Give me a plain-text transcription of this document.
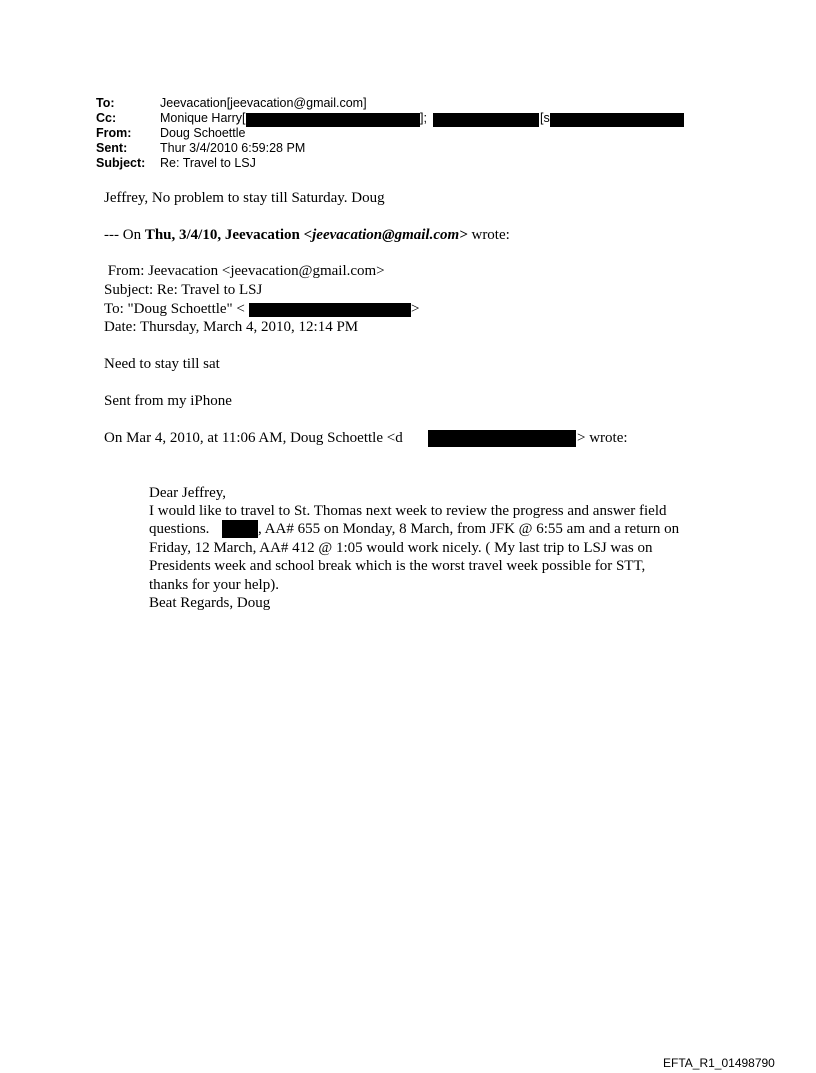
To:	Jeevacation[jeevacation@gmail.com]
Cc:	Monique Harry[	];	[s
From: Doug Schoettle
Sent:	Thur 3/4/2010 6:59:28 PM
Subject: Re: Travel to LSJ
Jeffrey, No problem to stay till Saturday. Doug
--- On Thu, 3/4/10, Jeevacation <jeevacation@gmail.com> wrote:
From: Jeevacation <jeevacation@gmail.com>
Subject: Re: Travel to LSJ
To: "Doug Schoettle" <	>
Date: Thursday, March 4, 2010, 12:14 PM
Need to stay till sat
Sent from my iPhone
On Mar 4, 2010, at 11:06 AM, Doug Schoettle <d	> wrote:
Dear Jeffrey,
I would like to travel to St. Thomas next week to review the progress and answer field
questions.	, AA# 655 on Monday, 8 March, from JFK @ 6:55 am and a return on
Friday, 12 March, AA# 412 @ 1:05 would work nicely. ( My last trip to LSJ was on
Presidents week and school break which is the worst travel week possible for STT,
thanks for your help).
Beat Regards, Doug
EFTA_R1_01498790
